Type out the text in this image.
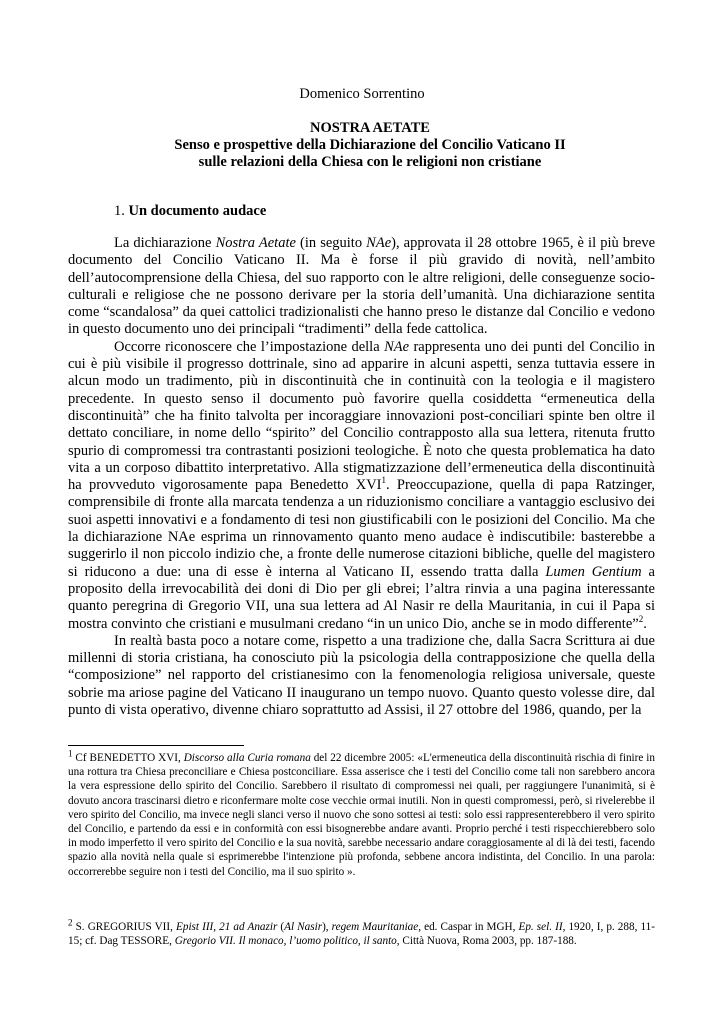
Domenico Sorrentino
NOSTRA AETATE
Senso e prospettive della Dichiarazione del Concilio Vaticano II
sulle relazioni della Chiesa con le religioni non cristiane
1. Un documento audace

La dichiarazione Nostra Aetate (in seguito NAe), approvata il 28 ottobre 1965, è il più breve documento del Concilio Vaticano II. Ma è forse il più gravido di novità, nell’ambito dell’autocomprensione della Chiesa, del suo rapporto con le altre religioni, delle conseguenze socio-culturali e religiose che ne possono derivare per la storia dell’umanità. Una dichiarazione sentita come “scandalosa” da quei cattolici tradizionalisti che hanno preso le distanze dal Concilio e vedono in questo documento uno dei principali “tradimenti” della fede cattolica.

Occorre riconoscere che l’impostazione della NAe rappresenta uno dei punti del Concilio in cui è più visibile il progresso dottrinale, sino ad apparire in alcuni aspetti, senza tuttavia essere in alcun modo un tradimento, più in discontinuità che in continuità con la teologia e il magistero precedente. In questo senso il documento può favorire quella cosiddetta “ermeneutica della discontinuità” che ha finito talvolta per incoraggiare innovazioni post-conciliari spinte ben oltre il dettato conciliare, in nome dello “spirito” del Concilio contrapposto alla sua lettera, ritenuta frutto spurio di compromessi tra contrastanti posizioni teologiche. È noto che questa problematica ha dato vita a un corposo dibattito interpretativo. Alla stigmatizzazione dell’ermeneutica della discontinuità ha provveduto vigorosamente papa Benedetto XVI$^1$. Preoccupazione, quella di papa Ratzinger, comprensibile di fronte alla marcata tendenza a un riduzionismo conciliare a vantaggio esclusivo dei suoi aspetti innovativi e a fondamento di tesi non giustificabili con le posizioni del Concilio. Ma che la dichiarazione NAe esprima un rinnovamento quanto meno audace è indiscutibile: basterebbe a suggerirlo il non piccolo indizio che, a fronte delle numerose citazioni bibliche, quelle del magistero si riducono a due: una di esse è interna al Vaticano II, essendo tratta dalla Lumen Gentium a proposito della irrevocabilità dei doni di Dio per gli ebrei; l’altra rinvia a una pagina interessante quanto peregrina di Gregorio VII, una sua lettera ad Al Nasir re della Mauritania, in cui il Papa si mostra convinto che cristiani e musulmani credano “in un unico Dio, anche se in modo differente”$^2$.

In realtà basta poco a notare come, rispetto a una tradizione che, dalla Sacra Scrittura ai due millenni di storia cristiana, ha conosciuto più la psicologia della contrapposizione che quella della “composizione” nel rapporto del cristianesimo con la fenomenologia religiosa universale, queste sobrie ma ariose pagine del Vaticano II inaugurano un tempo nuovo. Quanto questo volesse dire, dal punto di vista operativo, divenne chiaro soprattutto ad Assisi, il 27 ottobre del 1986, quando, per la

$^1$ Cf BENEDETTO XVI, Discorso alla Curia romana del 22 dicembre 2005: «L'ermeneutica della discontinuità rischia di finire in una rottura tra Chiesa preconciliare e Chiesa postconciliare. Essa asserisce che i testi del Concilio come tali non sarebbero ancora la vera espressione dello spirito del Concilio. Sarebbero il risultato di compromessi nei quali, per raggiungere l'unanimità, si è dovuto ancora trascinarsi dietro e riconfermare molte cose vecchie ormai inutili. Non in questi compromessi, però, si rivelerebbe il vero spirito del Concilio, ma invece negli slanci verso il nuovo che sono sottesi ai testi: solo essi rappresenterebbero il vero spirito del Concilio, e partendo da essi e in conformità con essi bisognerebbe andare avanti. Proprio perché i testi rispecchierebbero solo in modo imperfetto il vero spirito del Concilio e la sua novità, sarebbe necessario andare coraggiosamente al di là dei testi, facendo spazio alla novità nella quale si esprimerebbe l'intenzione più profonda, sebbene ancora indistinta, del Concilio. In una parola: occorrerebbe seguire non i testi del Concilio, ma il suo spirito ».
$^2$ S. GREGORIUS VII, Epist III, 21 ad Anazir (Al Nasir), regem Mauritaniae, ed. Caspar in MGH, Ep. sel. II, 1920, I, p. 288, 11-15; cf. Dag TESSORE, Gregorio VII. Il monaco, l’uomo politico, il santo, Città Nuova, Roma 2003, pp. 187-188.
